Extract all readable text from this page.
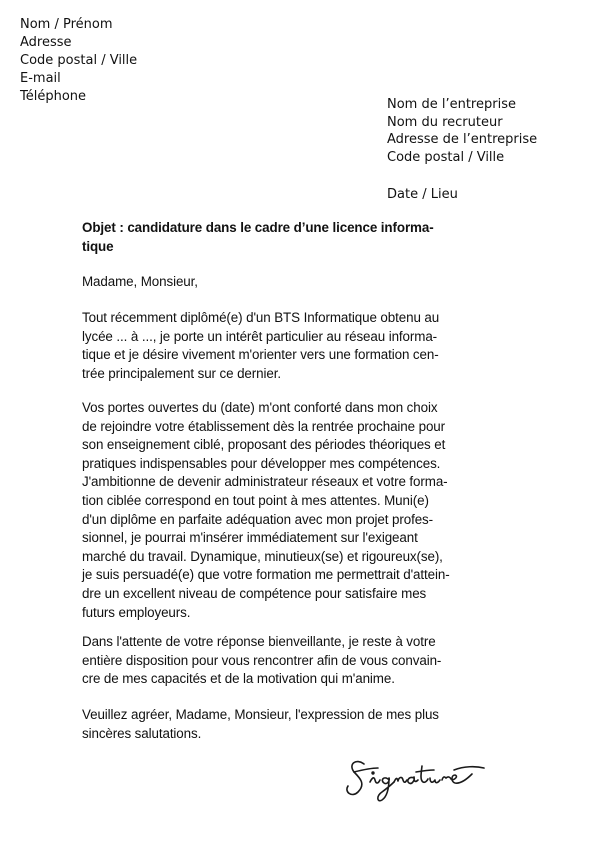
Nom / Prénom
Adresse
Code postal / Ville
E-mail
Téléphone
Nom de l’entreprise
Nom du recruteur
Adresse de l’entreprise
Code postal / Ville
Date / Lieu
Objet : candidature dans le cadre d’une licence informa-
tique
Madame, Monsieur,
Tout récemment diplômé(e) d'un BTS Informatique obtenu au
lycée ... à ..., je porte un intérêt particulier au réseau informa-
tique et je désire vivement m'orienter vers une formation cen-
trée principalement sur ce dernier.
Vos portes ouvertes du (date) m'ont conforté dans mon choix
de rejoindre votre établissement dès la rentrée prochaine pour
son enseignement ciblé, proposant des périodes théoriques et
pratiques indispensables pour développer mes compétences.
J'ambitionne de devenir administrateur réseaux et votre forma-
tion ciblée correspond en tout point à mes attentes. Muni(e)
d'un diplôme en parfaite adéquation avec mon projet profes-
sionnel, je pourrai m'insérer immédiatement sur l'exigeant
marché du travail. Dynamique, minutieux(se) et rigoureux(se),
je suis persuadé(e) que votre formation me permettrait d'attein-
dre un excellent niveau de compétence pour satisfaire mes
futurs employeurs.
Dans l'attente de votre réponse bienveillante, je reste à votre
entière disposition pour vous rencontrer afin de vous convain-
cre de mes capacités et de la motivation qui m'anime.
Veuillez agréer, Madame, Monsieur, l'expression de mes plus
sincères salutations.
